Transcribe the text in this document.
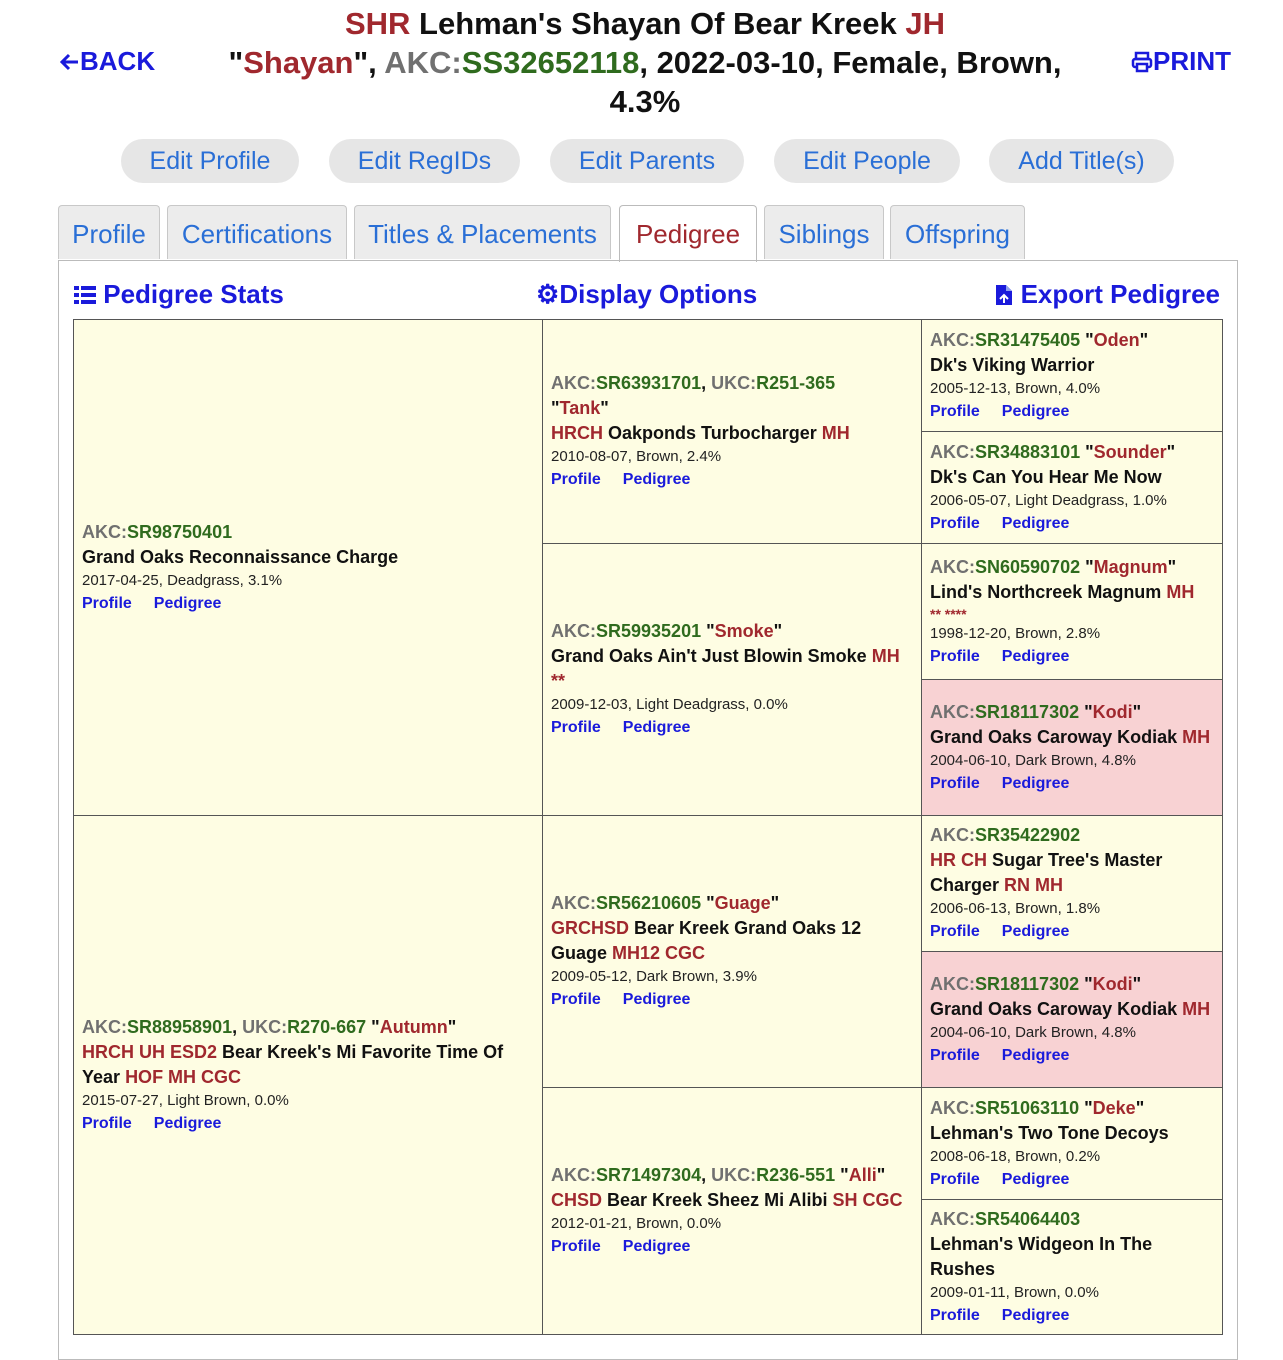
BACK
SHR Lehman's Shayan Of Bear Kreek JH
"Shayan", AKC:SS32652118, 2022-03-10, Female, Brown,
4.3%
PRINT
Edit Profile	Edit RegIDs	Edit Parents	Edit People	Add Title(s)
Profile	Certifications	Titles & Placements	Pedigree	Siblings	Offspring
Pedigree Stats	⚙Display Options	Export Pedigree
AKC:SR98750401
Grand Oaks Reconnaissance Charge
2017-04-25, Deadgrass, 3.1%
Profile Pedigree
AKC:SR88958901, UKC:R270-667 "Autumn"
HRCH UH ESD2 Bear Kreek's Mi Favorite Time Of Year HOF MH CGC
2015-07-27, Light Brown, 0.0%
Profile Pedigree
AKC:SR63931701, UKC:R251-365
"Tank"
HRCH Oakponds Turbocharger MH
2010-08-07, Brown, 2.4%
Profile Pedigree
AKC:SR59935201 "Smoke"
Grand Oaks Ain't Just Blowin Smoke MH **
2009-12-03, Light Deadgrass, 0.0%
Profile Pedigree
AKC:SR56210605 "Guage"
GRCHSD Bear Kreek Grand Oaks 12 Guage MH12 CGC
2009-05-12, Dark Brown, 3.9%
Profile Pedigree
AKC:SR71497304, UKC:R236-551 "Alli"
CHSD Bear Kreek Sheez Mi Alibi SH CGC
2012-01-21, Brown, 0.0%
Profile Pedigree
AKC:SR31475405 "Oden"
Dk's Viking Warrior
2005-12-13, Brown, 4.0%
Profile Pedigree
AKC:SR34883101 "Sounder"
Dk's Can You Hear Me Now
2006-05-07, Light Deadgrass, 1.0%
Profile Pedigree
AKC:SN60590702 "Magnum"
Lind's Northcreek Magnum MH
** ****
1998-12-20, Brown, 2.8%
Profile Pedigree
AKC:SR18117302 "Kodi"
Grand Oaks Caroway Kodiak MH
2004-06-10, Dark Brown, 4.8%
Profile Pedigree
AKC:SR35422902
HR CH Sugar Tree's Master Charger RN MH
2006-06-13, Brown, 1.8%
Profile Pedigree
AKC:SR18117302 "Kodi"
Grand Oaks Caroway Kodiak MH
2004-06-10, Dark Brown, 4.8%
Profile Pedigree
AKC:SR51063110 "Deke"
Lehman's Two Tone Decoys
2008-06-18, Brown, 0.2%
Profile Pedigree
AKC:SR54064403
Lehman's Widgeon In The Rushes
2009-01-11, Brown, 0.0%
Profile Pedigree
